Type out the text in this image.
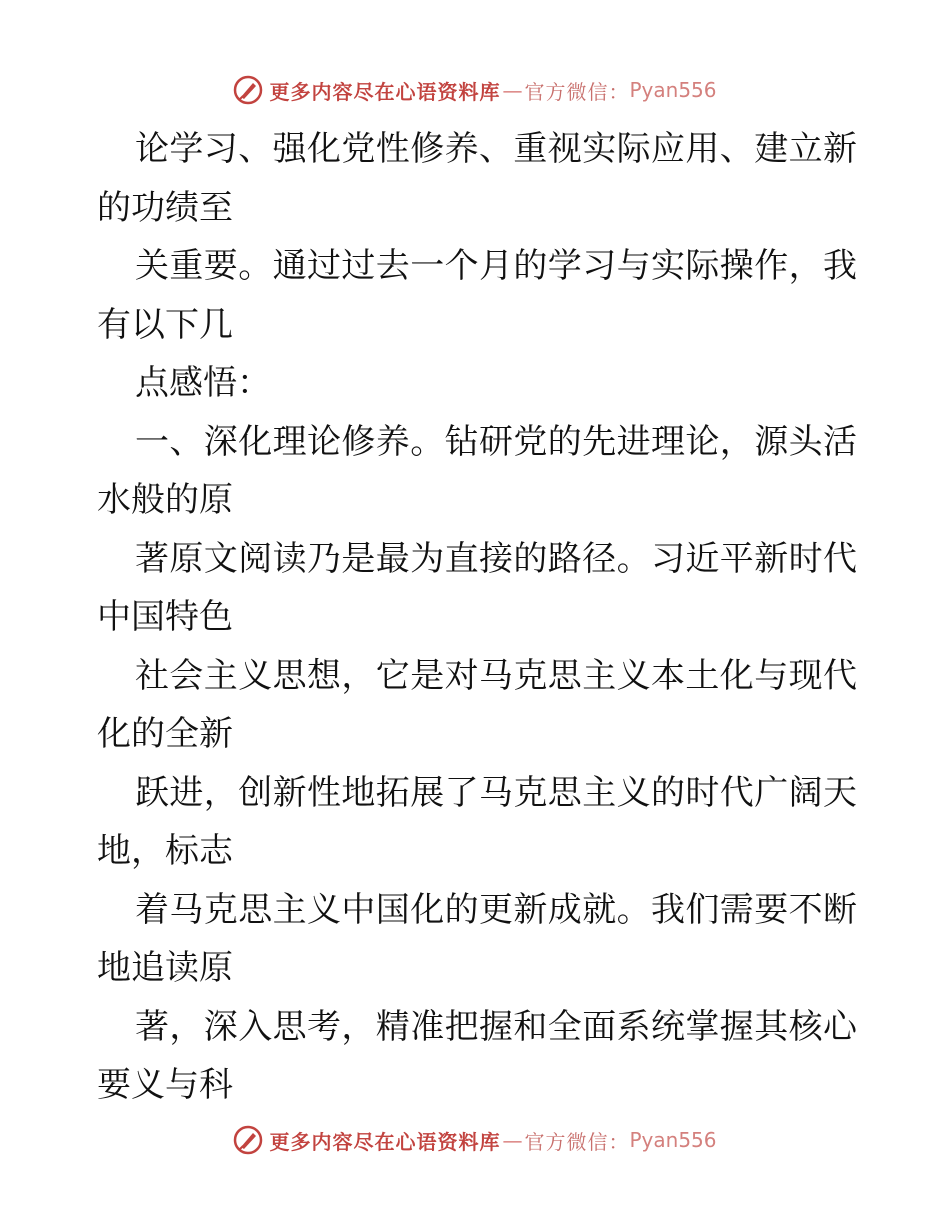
更多内容尽在心语资料库 — 官方微信： Pyan556
论学习、强化党性修养、重视实际应用、建立新
的功绩至
关重要。通过过去一个月的学习与实际操作，我
有以下几
点感悟：
一、深化理论修养。钻研党的先进理论，源头活
水般的原
著原文阅读乃是最为直接的路径。习近平新时代
中国特色
社会主义思想，它是对马克思主义本土化与现代
化的全新
跃进，创新性地拓展了马克思主义的时代广阔天
地，标志
着马克思主义中国化的更新成就。我们需要不断
地追读原
著，深入思考，精准把握和全面系统掌握其核心
要义与科
更多内容尽在心语资料库 — 官方微信： Pyan556
